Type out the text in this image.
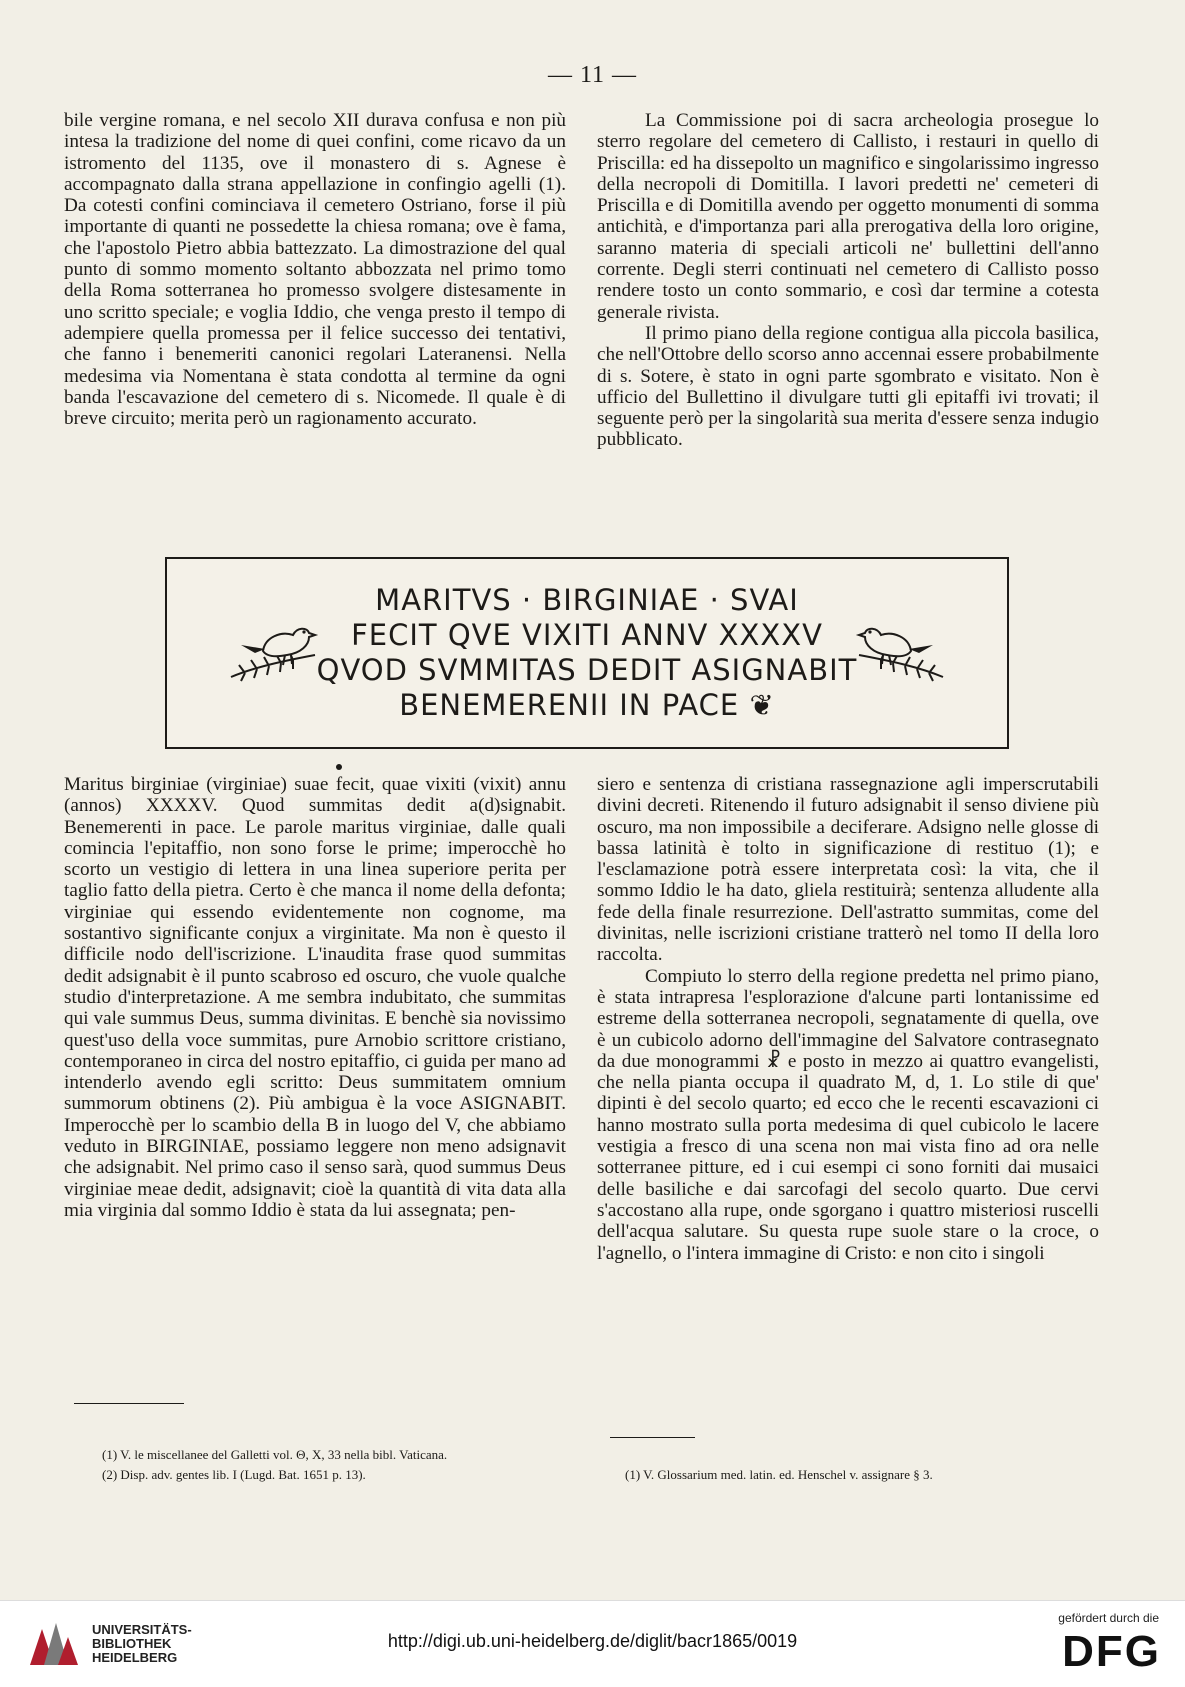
— 11 —

bile vergine romana, e nel secolo XII durava confusa e non più intesa la tradizione del nome di quei confini, come ricavo da un istromento del 1135, ove il monastero di s. Agnese è accompagnato dalla strana appellazione in confingio agelli (1). Da cotesti confini cominciava il cemetero Ostriano, forse il più importante di quanti ne possedette la chiesa romana; ove è fama, che l'apostolo Pietro abbia battezzato. La dimostrazione del qual punto di sommo momento soltanto abbozzata nel primo tomo della Roma sotterranea ho promesso svolgere distesamente in uno scritto speciale; e voglia Iddio, che venga presto il tempo di adempiere quella promessa per il felice successo dei tentativi, che fanno i benemeriti canonici regolari Lateranensi. Nella medesima via Nomentana è stata condotta al termine da ogni banda l'escavazione del cemetero di s. Nicomede. Il quale è di breve circuito; merita però un ragionamento accurato.

La Commissione poi di sacra archeologia prosegue lo sterro regolare del cemetero di Callisto, i restauri in quello di Priscilla: ed ha dissepolto un magnifico e singolarissimo ingresso della necropoli di Domitilla. I lavori predetti ne' cemeteri di Priscilla e di Domitilla avendo per oggetto monumenti di somma antichità, e d'importanza pari alla prerogativa della loro origine, saranno materia di speciali articoli ne' bullettini dell'anno corrente. Degli sterri continuati nel cemetero di Callisto posso rendere tosto un conto sommario, e così dar termine a cotesta generale rivista.

Il primo piano della regione contigua alla piccola basilica, che nell'Ottobre dello scorso anno accennai essere probabilmente di s. Sotere, è stato in ogni parte sgombrato e visitato. Non è ufficio del Bullettino il divulgare tutti gli epitaffi ivi trovati; il seguente però per la singolarità sua merita d'essere senza indugio pubblicato.

MARITVS · BIRGINIAE · SVAI
FECIT QVE VIXITI ANNV XXXXV
QVOD SVMMITAS DEDIT ASIGNABIT
BENEMERENII IN PACE ❦

Maritus birginiae (virginiae) suae fecit, quae vixiti (vixit) annu (annos) XXXXV. Quod summitas dedit a(d)signabit. Benemerenti in pace. Le parole maritus virginiae, dalle quali comincia l'epitaffio, non sono forse le prime; imperocchè ho scorto un vestigio di lettera in una linea superiore perita per taglio fatto della pietra. Certo è che manca il nome della defonta; virginiae qui essendo evidentemente non cognome, ma sostantivo significante conjux a virginitate. Ma non è questo il difficile nodo dell'iscrizione. L'inaudita frase quod summitas dedit adsignabit è il punto scabroso ed oscuro, che vuole qualche studio d'interpretazione. A me sembra indubitato, che summitas qui vale summus Deus, summa divinitas. E benchè sia novissimo quest'uso della voce summitas, pure Arnobio scrittore cristiano, contemporaneo in circa del nostro epitaffio, ci guida per mano ad intenderlo avendo egli scritto: Deus summitatem omnium summorum obtinens (2). Più ambigua è la voce ASIGNABIT. Imperocchè per lo scambio della B in luogo del V, che abbiamo veduto in BIRGINIAE, possiamo leggere non meno adsignavit che adsignabit. Nel primo caso il senso sarà, quod summus Deus virginiae meae dedit, adsignavit; cioè la quantità di vita data alla mia virginia dal sommo Iddio è stata da lui assegnata; pen-

siero e sentenza di cristiana rassegnazione agli imperscrutabili divini decreti. Ritenendo il futuro adsignabit il senso diviene più oscuro, ma non impossibile a deciferare. Adsigno nelle glosse di bassa latinità è tolto in significazione di restituo (1); e l'esclamazione potrà essere interpretata così: la vita, che il sommo Iddio le ha dato, gliela restituirà; sentenza alludente alla fede della finale resurrezione. Dell'astratto summitas, come del divinitas, nelle iscrizioni cristiane tratterò nel tomo II della loro raccolta.

Compiuto lo sterro della regione predetta nel primo piano, è stata intrapresa l'esplorazione d'alcune parti lontanissime ed estreme della sotterranea necropoli, segnatamente di quella, ove è un cubicolo adorno dell'immagine del Salvatore contrasegnato da due monogrammi ☧ e posto in mezzo ai quattro evangelisti, che nella pianta occupa il quadrato M, d, 1. Lo stile di que' dipinti è del secolo quarto; ed ecco che le recenti escavazioni ci hanno mostrato sulla porta medesima di quel cubicolo le lacere vestigia a fresco di una scena non mai vista fino ad ora nelle sotterranee pitture, ed i cui esempi ci sono forniti dai musaici delle basiliche e dai sarcofagi del secolo quarto. Due cervi s'accostano alla rupe, onde sgorgano i quattro misteriosi ruscelli dell'acqua salutare. Su questa rupe suole stare o la croce, o l'agnello, o l'intera immagine di Cristo: e non cito i singoli

(1) V. le miscellanee del Galletti vol. Θ, X, 33 nella bibl. Vaticana.
(2) Disp. adv. gentes lib. I (Lugd. Bat. 1651 p. 13).	(1) V. Glossarium med. latin. ed. Henschel v. assignare § 3.
UNIVERSITÄTS-
BIBLIOTHEK
HEIDELBERG
http://digi.ub.uni-heidelberg.de/diglit/bacr1865/0019
gefördert durch die
DFG
